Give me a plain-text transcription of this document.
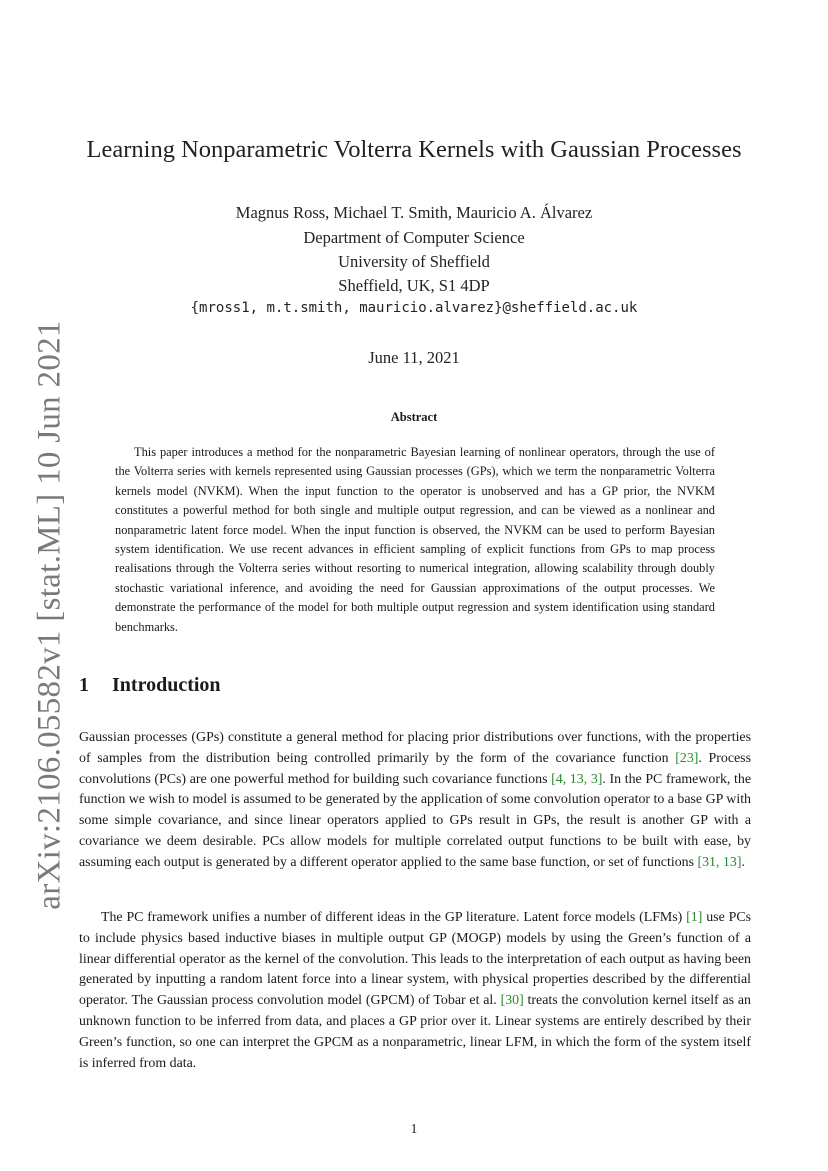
arXiv:2106.05582v1 [stat.ML] 10 Jun 2021
Learning Nonparametric Volterra Kernels with Gaussian Processes
Magnus Ross, Michael T. Smith, Mauricio A. Álvarez
Department of Computer Science
University of Sheffield
Sheffield, UK, S1 4DP
{mross1, m.t.smith, mauricio.alvarez}@sheffield.ac.uk
June 11, 2021
Abstract

This paper introduces a method for the nonparametric Bayesian learning of nonlinear operators, through the use of the Volterra series with kernels represented using Gaussian processes (GPs), which we term the nonparametric Volterra kernels model (NVKM). When the input function to the operator is unobserved and has a GP prior, the NVKM constitutes a powerful method for both single and multiple output regression, and can be viewed as a nonlinear and nonparametric latent force model. When the input function is observed, the NVKM can be used to perform Bayesian system identification. We use recent advances in efficient sampling of explicit functions from GPs to map process realisations through the Volterra series without resorting to numerical integration, allowing scalability through doubly stochastic variational inference, and avoiding the need for Gaussian approximations of the output processes. We demonstrate the performance of the model for both multiple output regression and system identification using standard benchmarks.

1 Introduction

Gaussian processes (GPs) constitute a general method for placing prior distributions over functions, with the properties of samples from the distribution being controlled primarily by the form of the covariance function [23]. Process convolutions (PCs) are one powerful method for building such covariance functions [4, 13, 3]. In the PC framework, the function we wish to model is assumed to be generated by the application of some convolution operator to a base GP with some simple covariance, and since linear operators applied to GPs result in GPs, the result is another GP with a covariance we deem desirable. PCs allow models for multiple correlated output functions to be built with ease, by assuming each output is generated by a different operator applied to the same base function, or set of functions [31, 13].

The PC framework unifies a number of different ideas in the GP literature. Latent force models (LFMs) [1] use PCs to include physics based inductive biases in multiple output GP (MOGP) models by using the Green’s function of a linear differential operator as the kernel of the convolution. This leads to the interpretation of each output as having been generated by inputting a random latent force into a linear system, with physical properties described by the differential operator. The Gaussian process convolution model (GPCM) of Tobar et al. [30] treats the convolution kernel itself as an unknown function to be inferred from data, and places a GP prior over it. Linear systems are entirely described by their Green’s function, so one can interpret the GPCM as a nonparametric, linear LFM, in which the form of the system itself is inferred from data.

1
